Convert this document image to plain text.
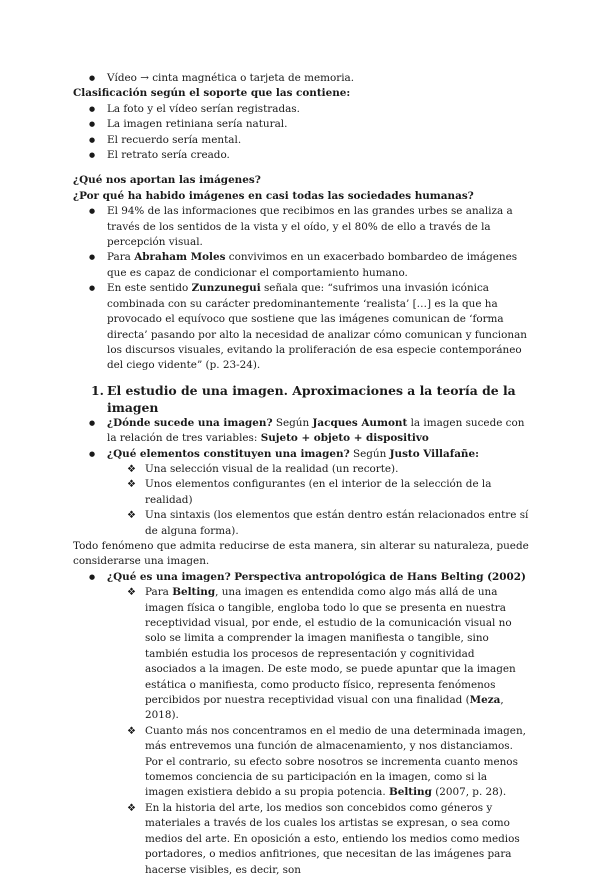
● Vídeo → cinta magnética o tarjeta de memoria.
Clasificación según el soporte que las contiene:
● La foto y el vídeo serían registradas.
● La imagen retiniana sería natural.
● El recuerdo sería mental.
● El retrato sería creado.
¿Qué nos aportan las imágenes?
¿Por qué ha habido imágenes en casi todas las sociedades humanas?
● El 94% de las informaciones que recibimos en las grandes urbes se analiza a través de los sentidos de la vista y el oído, y el 80% de ello a través de la percepción visual.
● Para Abraham Moles convivimos en un exacerbado bombardeo de imágenes que es capaz de condicionar el comportamiento humano.
● En este sentido Zunzunegui señala que: “sufrimos una invasión icónica combinada con su carácter predominantemente ‘realista’ […] es la que ha provocado el equívoco que sostiene que las imágenes comunican de ‘forma directa’ pasando por alto la necesidad de analizar cómo comunican y funcionan los discursos visuales, evitando la proliferación de esa especie contemporáneo del ciego vidente” (p. 23-24).
1. El estudio de una imagen. Aproximaciones a la teoría de la imagen
● ¿Dónde sucede una imagen? Según Jacques Aumont la imagen sucede con la relación de tres variables: Sujeto + objeto + dispositivo
● ¿Qué elementos constituyen una imagen? Según Justo Villafañe:
❖ Una selección visual de la realidad (un recorte).
❖ Unos elementos configurantes (en el interior de la selección de la realidad)
❖ Una sintaxis (los elementos que están dentro están relacionados entre sí de alguna forma).
Todo fenómeno que admita reducirse de esta manera, sin alterar su naturaleza, puede considerarse una imagen.
● ¿Qué es una imagen? Perspectiva antropológica de Hans Belting (2002)
❖ Para Belting, una imagen es entendida como algo más allá de una imagen física o tangible, engloba todo lo que se presenta en nuestra receptividad visual, por ende, el estudio de la comunicación visual no solo se limita a comprender la imagen manifiesta o tangible, sino también estudia los procesos de representación y cognitividad asociados a la imagen. De este modo, se puede apuntar que la imagen estática o manifiesta, como producto físico, representa fenómenos percibidos por nuestra receptividad visual con una finalidad (Meza, 2018).
❖ Cuanto más nos concentramos en el medio de una determinada imagen, más entrevemos una función de almacenamiento, y nos distanciamos. Por el contrario, su efecto sobre nosotros se incrementa cuanto menos tomemos conciencia de su participación en la imagen, como si la imagen existiera debido a su propia potencia. Belting (2007, p. 28).
❖ En la historia del arte, los medios son concebidos como géneros y materiales a través de los cuales los artistas se expresan, o sea como medios del arte. En oposición a esto, entiendo los medios como medios portadores, o medios anfitriones, que necesitan de las imágenes para hacerse visibles, es decir, son
